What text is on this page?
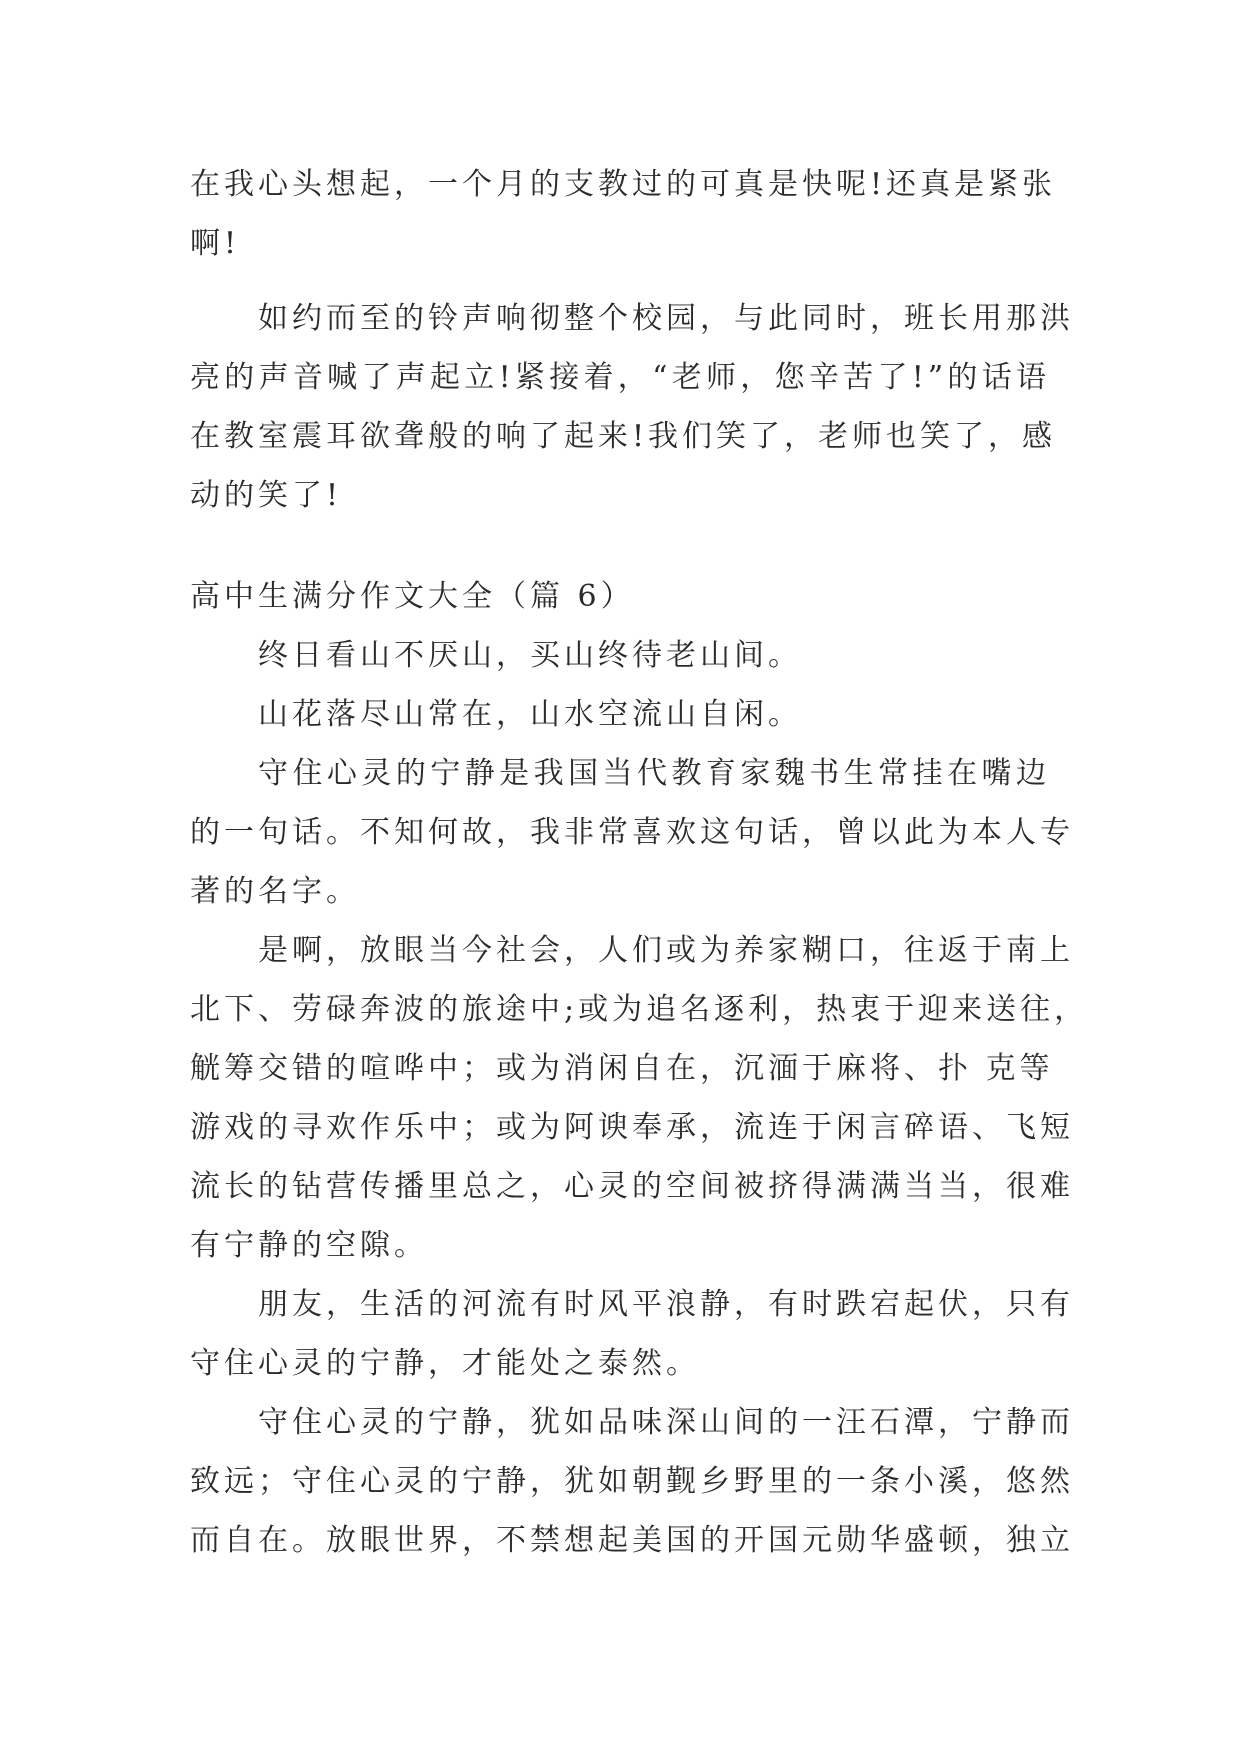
在我心头想起，一个月的支教过的可真是快呢!还真是紧张
啊!
如约而至的铃声响彻整个校园，与此同时，班长用那洪
亮的声音喊了声起立!紧接着，“老师，您辛苦了!”的话语
在教室震耳欲聋般的响了起来!我们笑了，老师也笑了，感
动的笑了!
高中生满分作文大全（篇 6）
终日看山不厌山，买山终待老山间。
山花落尽山常在，山水空流山自闲。
守住心灵的宁静是我国当代教育家魏书生常挂在嘴边
的一句话。不知何故，我非常喜欢这句话，曾以此为本人专
著的名字。
是啊，放眼当今社会，人们或为养家糊口，往返于南上
北下、劳碌奔波的旅途中;或为追名逐利，热衷于迎来送往，
觥筹交错的喧哗中；或为消闲自在，沉湎于麻将、扑 克等
游戏的寻欢作乐中；或为阿谀奉承，流连于闲言碎语、飞短
流长的钻营传播里总之，心灵的空间被挤得满满当当，很难
有宁静的空隙。
朋友，生活的河流有时风平浪静，有时跌宕起伏，只有
守住心灵的宁静，才能处之泰然。
守住心灵的宁静，犹如品味深山间的一汪石潭，宁静而
致远；守住心灵的宁静，犹如朝觐乡野里的一条小溪，悠然
而自在。放眼世界，不禁想起美国的开国元勋华盛顿，独立
